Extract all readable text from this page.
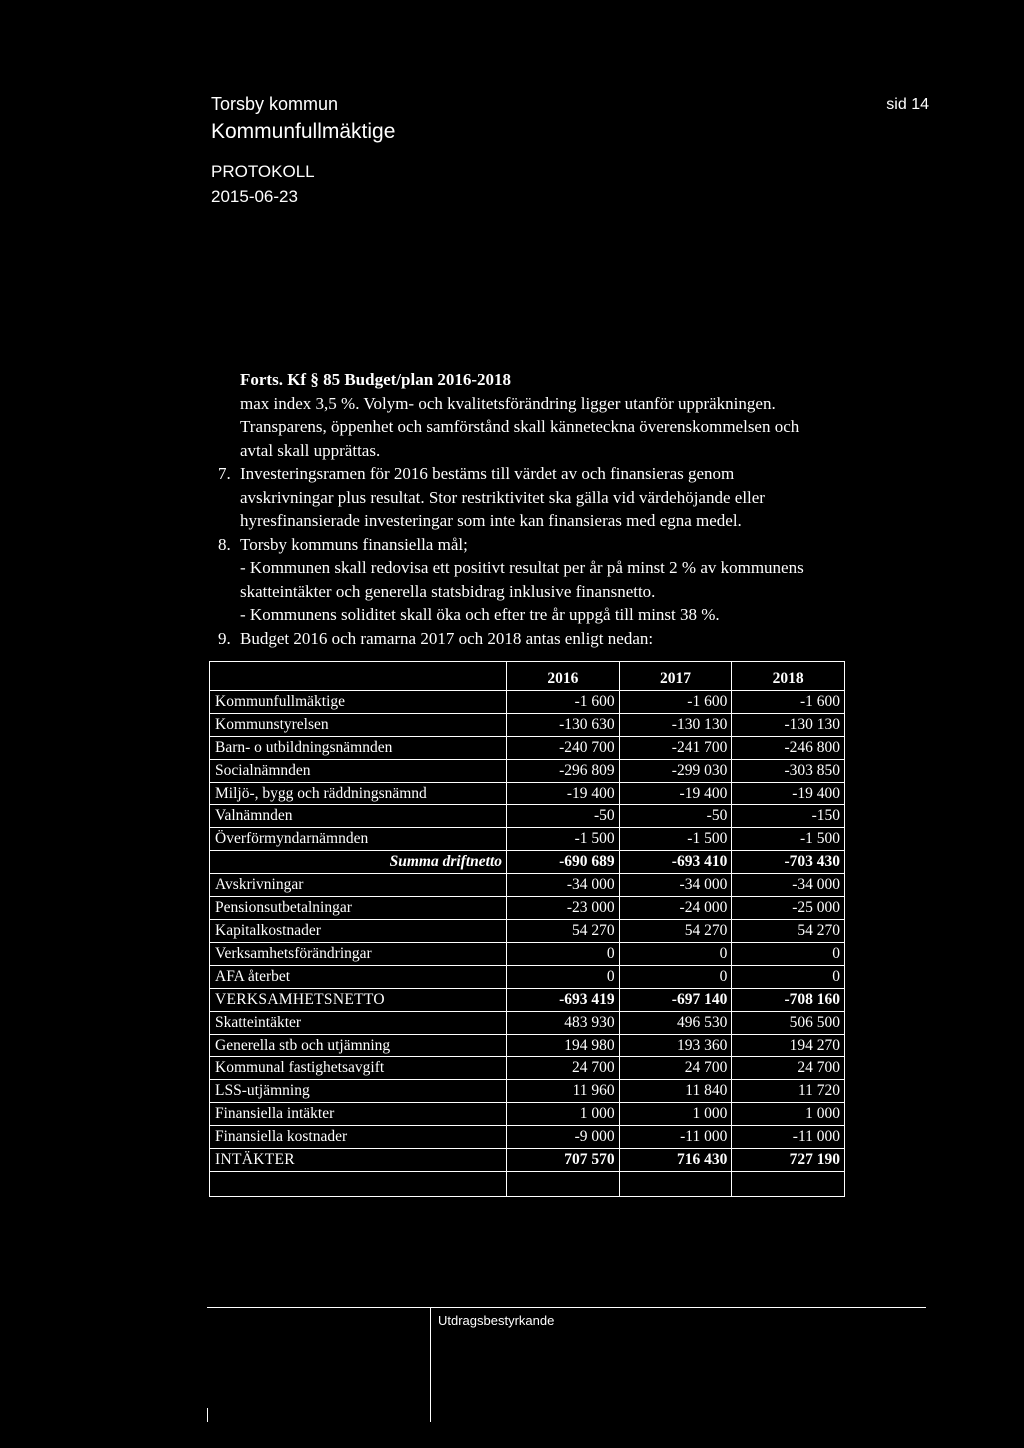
Torsby kommun
Kommunfullmäktige
PROTOKOLL
2015-06-23
sid 14
Forts. Kf § 85 Budget/plan 2016-2018
max index 3,5 %. Volym- och kvalitetsförändring ligger utanför uppräkningen.
Transparens, öppenhet och samförstånd skall känneteckna överenskommelsen och
avtal skall upprättas.
7. Investeringsramen för 2016 bestäms till värdet av och finansieras genom
avskrivningar plus resultat. Stor restriktivitet ska gälla vid värdehöjande eller
hyresfinansierade investeringar som inte kan finansieras med egna medel.
8. Torsby kommuns finansiella mål;
- Kommunen skall redovisa ett positivt resultat per år på minst 2 % av kommunens
skatteintäkter och generella statsbidrag inklusive finansnetto.
- Kommunens soliditet skall öka och efter tre år uppgå till minst 38 %.
9. Budget 2016 och ramarna 2017 och 2018 antas enligt nedan:
	2016	2017	2018
Kommunfullmäktige	-1 600	-1 600	-1 600
Kommunstyrelsen	-130 630	-130 130	-130 130
Barn- o utbildningsnämnden	-240 700	-241 700	-246 800
Socialnämnden	-296 809	-299 030	-303 850
Miljö-, bygg och räddningsnämnd	-19 400	-19 400	-19 400
Valnämnden	-50	-50	-150
Överförmyndarnämnden	-1 500	-1 500	-1 500
Summa driftnetto	-690 689	-693 410	-703 430
Avskrivningar	-34 000	-34 000	-34 000
Pensionsutbetalningar	-23 000	-24 000	-25 000
Kapitalkostnader	54 270	54 270	54 270
Verksamhetsförändringar	0	0	0
AFA återbet	0	0	0
VERKSAMHETSNETTO	-693 419	-697 140	-708 160
Skatteintäkter	483 930	496 530	506 500
Generella stb och utjämning	194 980	193 360	194 270
Kommunal fastighetsavgift	24 700	24 700	24 700
LSS-utjämning	11 960	11 840	11 720
Finansiella intäkter	1 000	1 000	1 000
Finansiella kostnader	-9 000	-11 000	-11 000
INTÄKTER	707 570	716 430	727 190

Utdragsbestyrkande
